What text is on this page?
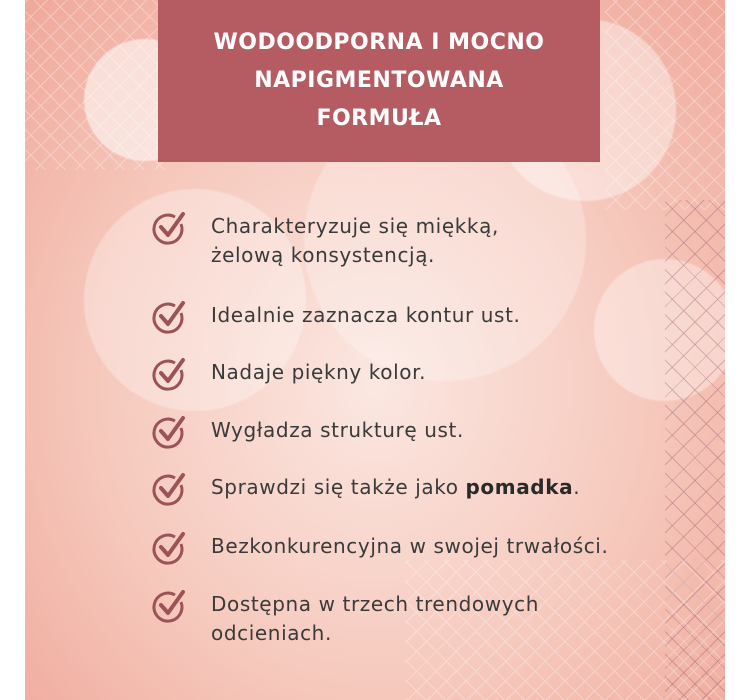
WODOODPORNA I MOCNO
NAPIGMENTOWANA
FORMUŁA
Charakteryzuje się miękką,
żelową konsystencją.
Idealnie zaznacza kontur ust.
Nadaje piękny kolor.
Wygładza strukturę ust.
Sprawdzi się także jako pomadka.
Bezkonkurencyjna w swojej trwałości.
Dostępna w trzech trendowych
odcieniach.
